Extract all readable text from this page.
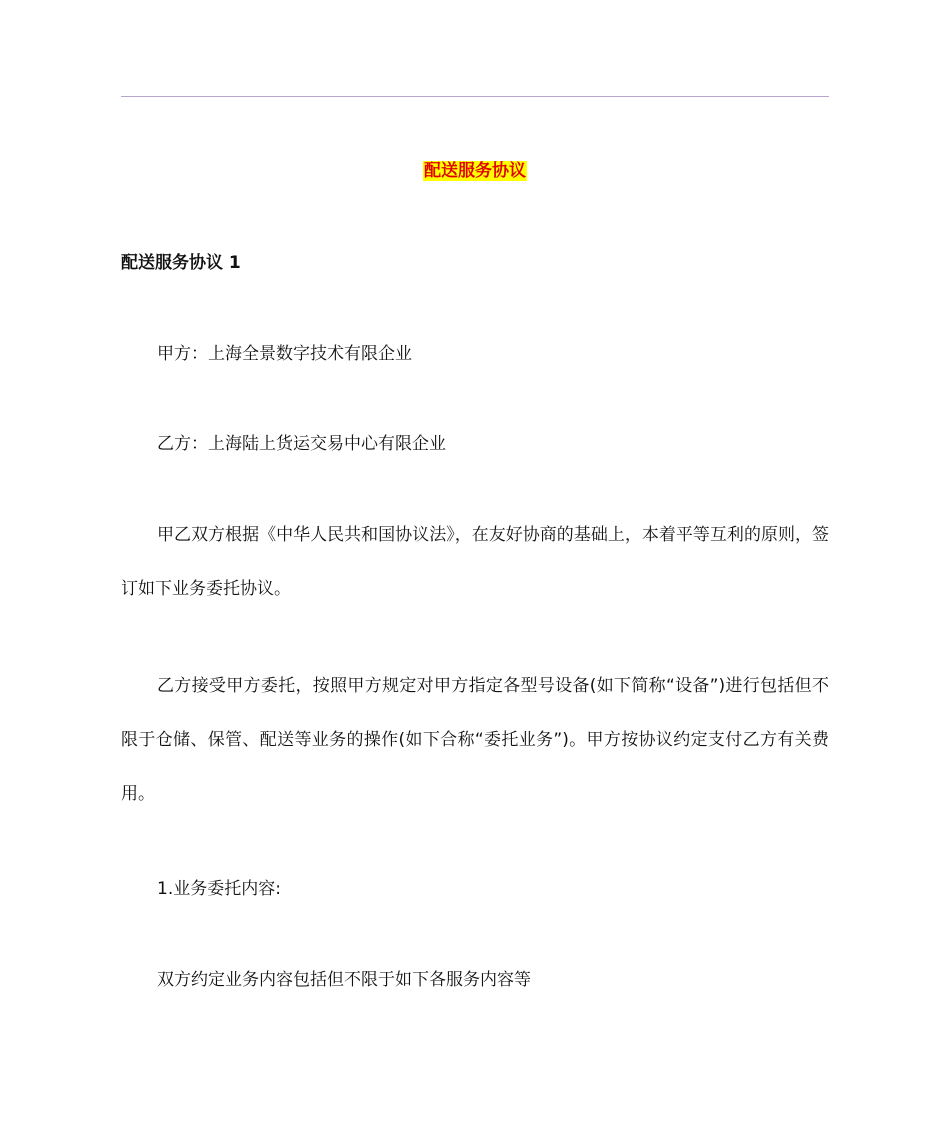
配送服务协议
配送服务协议 1
甲方：上海全景数字技术有限企业
乙方：上海陆上货运交易中心有限企业
甲乙双方根据《中华人民共和国协议法》，在友好协商的基础上，本着平等互利的原则，签订如下业务委托协议。
乙方接受甲方委托，按照甲方规定对甲方指定各型号设备(如下简称“设备”)进行包括但不限于仓储、保管、配送等业务的操作(如下合称“委托业务”)。甲方按协议约定支付乙方有关费用。
1.业务委托内容:
双方约定业务内容包括但不限于如下各服务内容等
